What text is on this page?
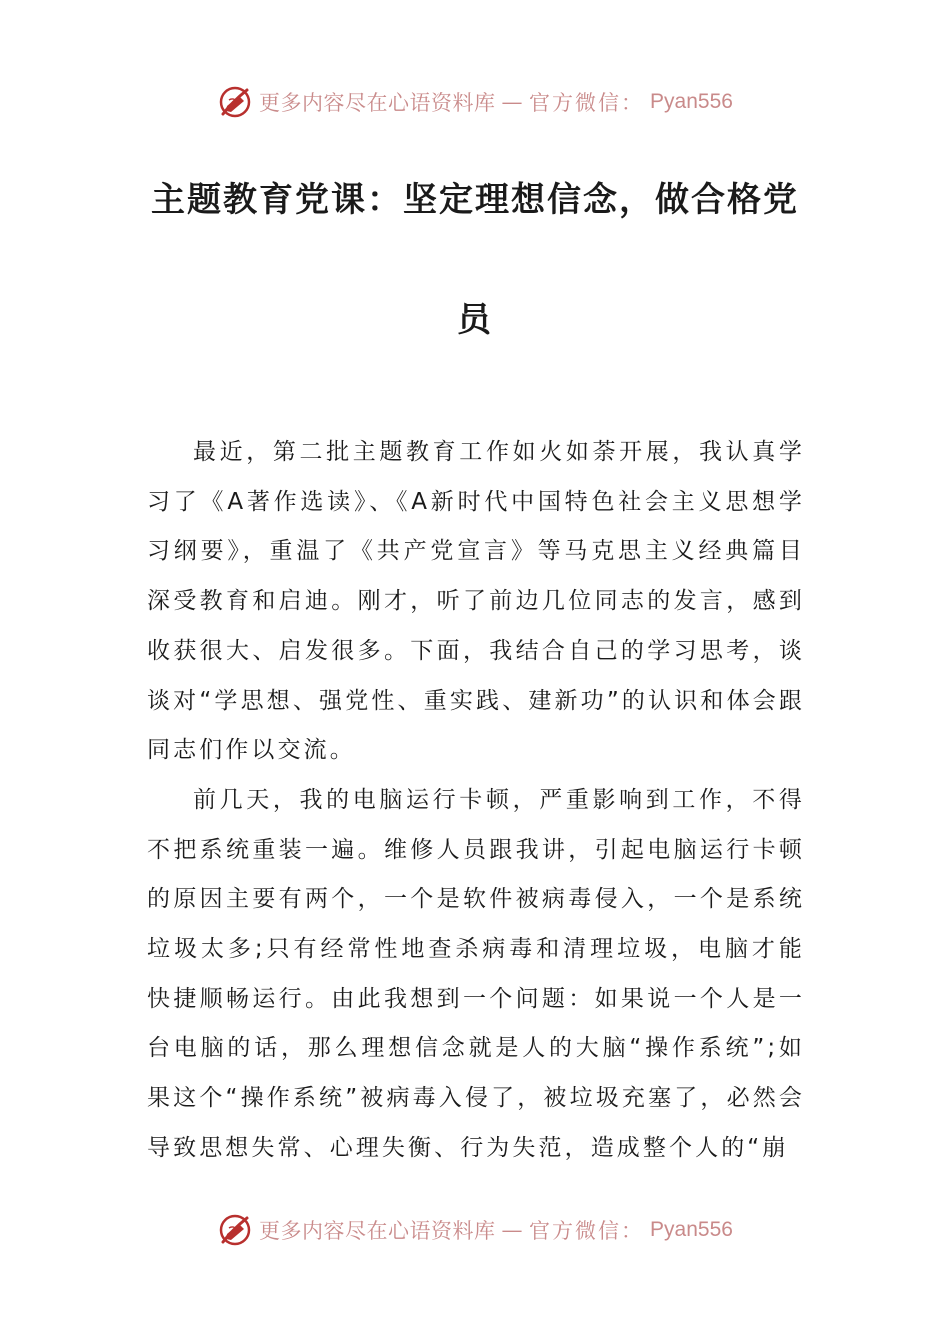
更多内容尽在心语资料库 — 官方微信： Pyan556
主题教育党课：坚定理想信念，做合格党
员

最近，第二批主题教育工作如火如荼开展，我认真学习了《A著作选读》、《A新时代中国特色社会主义思想学习纲要》，重温了《共产党宣言》等马克思主义经典篇目深受教育和启迪。刚才，听了前边几位同志的发言，感到收获很大、启发很多。下面，我结合自己的学习思考，谈谈对“学思想、强党性、重实践、建新功”的认识和体会跟同志们作以交流。

前几天，我的电脑运行卡顿，严重影响到工作，不得不把系统重装一遍。维修人员跟我讲，引起电脑运行卡顿的原因主要有两个，一个是软件被病毒侵入，一个是系统垃圾太多;只有经常性地查杀病毒和清理垃圾，电脑才能快捷顺畅运行。由此我想到一个问题：如果说一个人是一台电脑的话，那么理想信念就是人的大脑“操作系统”;如果这个“操作系统”被病毒入侵了，被垃圾充塞了，必然会导致思想失常、心理失衡、行为失范，造成整个人的“崩

更多内容尽在心语资料库 — 官方微信： Pyan556
